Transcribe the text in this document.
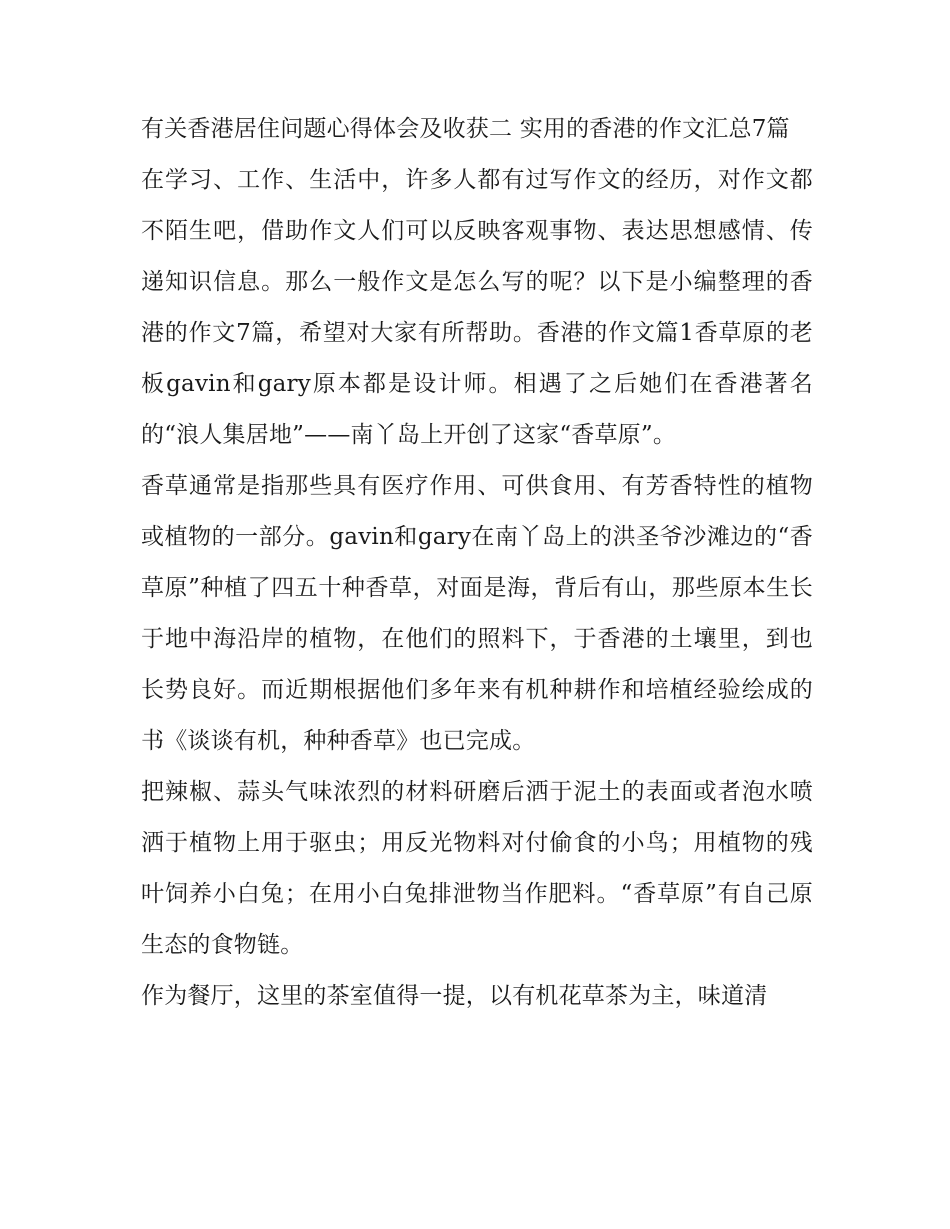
有关香港居住问题心得体会及收获二 实用的香港的作文汇总7篇

在学习、工作、生活中，许多人都有过写作文的经历，对作文都不陌生吧，借助作文人们可以反映客观事物、表达思想感情、传递知识信息。那么一般作文是怎么写的呢？以下是小编整理的香港的作文7篇，希望对大家有所帮助。香港的作文篇1香草原的老板gavin和gary原本都是设计师。相遇了之后她们在香港著名的“浪人集居地”——南丫岛上开创了这家“香草原”。

香草通常是指那些具有医疗作用、可供食用、有芳香特性的植物或植物的一部分。gavin和gary在南丫岛上的洪圣爷沙滩边的“香草原”种植了四五十种香草，对面是海，背后有山，那些原本生长于地中海沿岸的植物，在他们的照料下，于香港的土壤里，到也长势良好。而近期根据他们多年来有机种耕作和培植经验绘成的书《谈谈有机，种种香草》也已完成。

把辣椒、蒜头气味浓烈的材料研磨后洒于泥土的表面或者泡水喷洒于植物上用于驱虫；用反光物料对付偷食的小鸟；用植物的残叶饲养小白兔；在用小白兔排泄物当作肥料。“香草原”有自己原生态的食物链。

作为餐厅，这里的茶室值得一提，以有机花草茶为主，味道清
